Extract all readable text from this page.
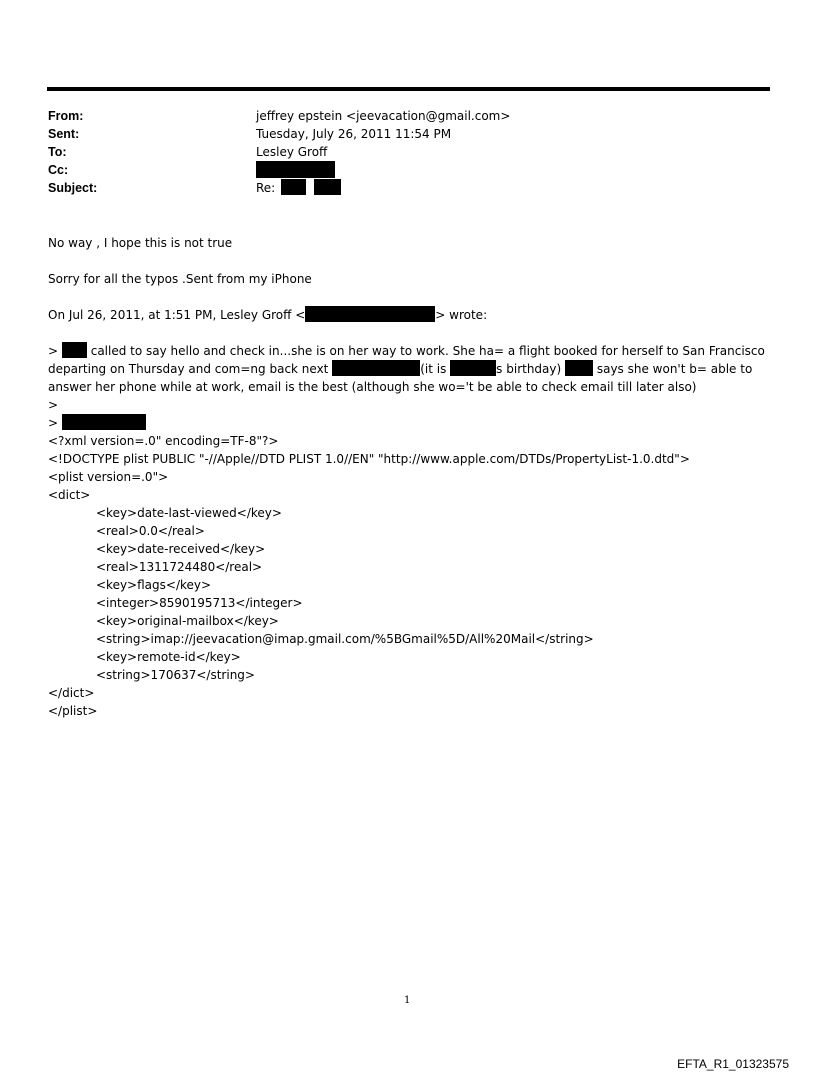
From:	jeffrey epstein <jeevacation@gmail.com>
Sent:	Tuesday, July 26, 2011 11:54 PM
To:	Lesley Groff
Cc:
Subject:	Re:
No way , I hope this is not true
Sorry for all the typos .Sent from my iPhone
On Jul 26, 2011, at 1:51 PM, Lesley Groff <	> wrote:
>	called to say hello and check in...she is on her way to work. She ha= a flight booked for herself to San Francisco
departing on Thursday and com=ng back next	(it is	s birthday)	says she won't b= able to
answer her phone while at work, email is the best (although she wo='t be able to check email till later also)
>
>
<?xml version=.0" encoding=TF-8"?>
<!DOCTYPE plist PUBLIC "-//Apple//DTD PLIST 1.0//EN" "http://www.apple.com/DTDs/PropertyList-1.0.dtd">
<plist version=.0">
<dict>
<key>date-last-viewed</key>
<real>0.0</real>
<key>date-received</key>
<real>1311724480</real>
<key>flags</key>
<integer>8590195713</integer>
<key>original-mailbox</key>
<string>imap://jeevacation@imap.gmail.com/%5BGmail%5D/All%20Mail</string>
<key>remote-id</key>
<string>170637</string>
</dict>
</plist>
1
EFTA_R1_01323575
